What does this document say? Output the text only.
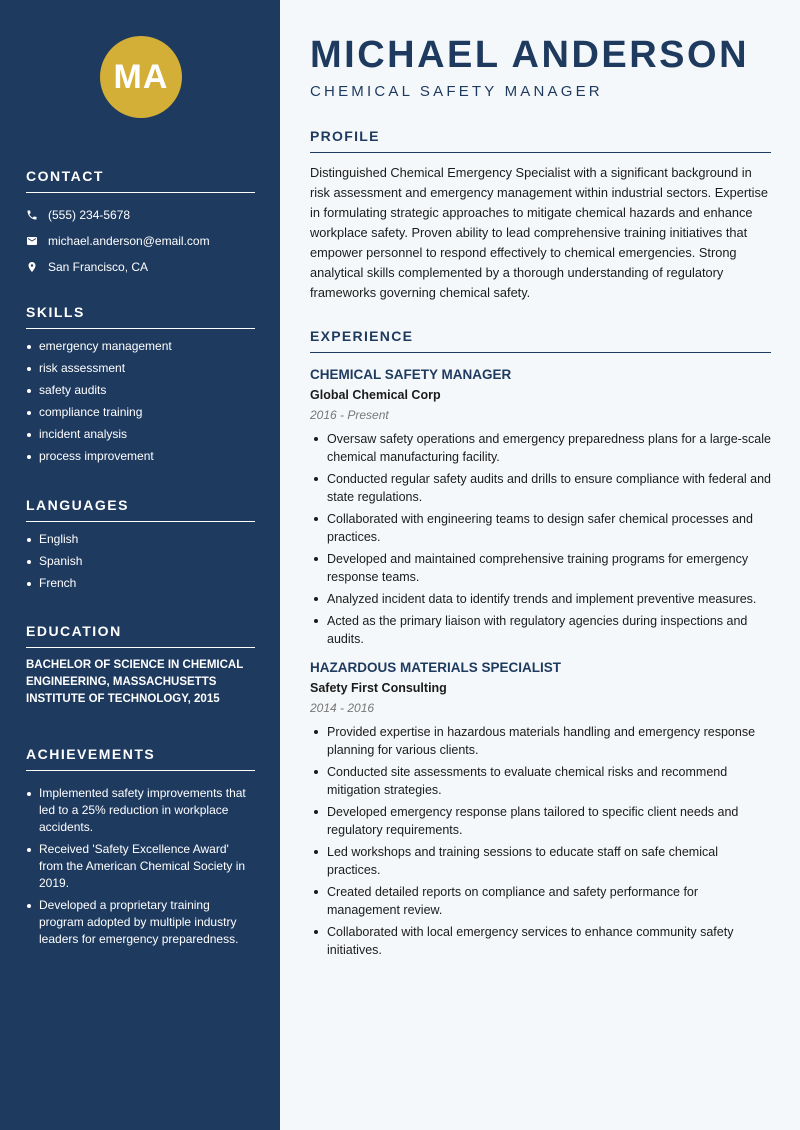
MA
CONTACT
(555) 234-5678
michael.anderson@email.com
San Francisco, CA
SKILLS
emergency management
risk assessment
safety audits
compliance training
incident analysis
process improvement
LANGUAGES
English
Spanish
French
EDUCATION
BACHELOR OF SCIENCE IN CHEMICAL ENGINEERING, MASSACHUSETTS INSTITUTE OF TECHNOLOGY, 2015
ACHIEVEMENTS
Implemented safety improvements that led to a 25% reduction in workplace accidents.
Received 'Safety Excellence Award' from the American Chemical Society in 2019.
Developed a proprietary training program adopted by multiple industry leaders for emergency preparedness.
MICHAEL ANDERSON
CHEMICAL SAFETY MANAGER
PROFILE
Distinguished Chemical Emergency Specialist with a significant background in risk assessment and emergency management within industrial sectors. Expertise in formulating strategic approaches to mitigate chemical hazards and enhance workplace safety. Proven ability to lead comprehensive training initiatives that empower personnel to respond effectively to chemical emergencies. Strong analytical skills complemented by a thorough understanding of regulatory frameworks governing chemical safety.
EXPERIENCE
CHEMICAL SAFETY MANAGER
Global Chemical Corp
2016 - Present
Oversaw safety operations and emergency preparedness plans for a large-scale chemical manufacturing facility.
Conducted regular safety audits and drills to ensure compliance with federal and state regulations.
Collaborated with engineering teams to design safer chemical processes and practices.
Developed and maintained comprehensive training programs for emergency response teams.
Analyzed incident data to identify trends and implement preventive measures.
Acted as the primary liaison with regulatory agencies during inspections and audits.
HAZARDOUS MATERIALS SPECIALIST
Safety First Consulting
2014 - 2016
Provided expertise in hazardous materials handling and emergency response planning for various clients.
Conducted site assessments to evaluate chemical risks and recommend mitigation strategies.
Developed emergency response plans tailored to specific client needs and regulatory requirements.
Led workshops and training sessions to educate staff on safe chemical practices.
Created detailed reports on compliance and safety performance for management review.
Collaborated with local emergency services to enhance community safety initiatives.
